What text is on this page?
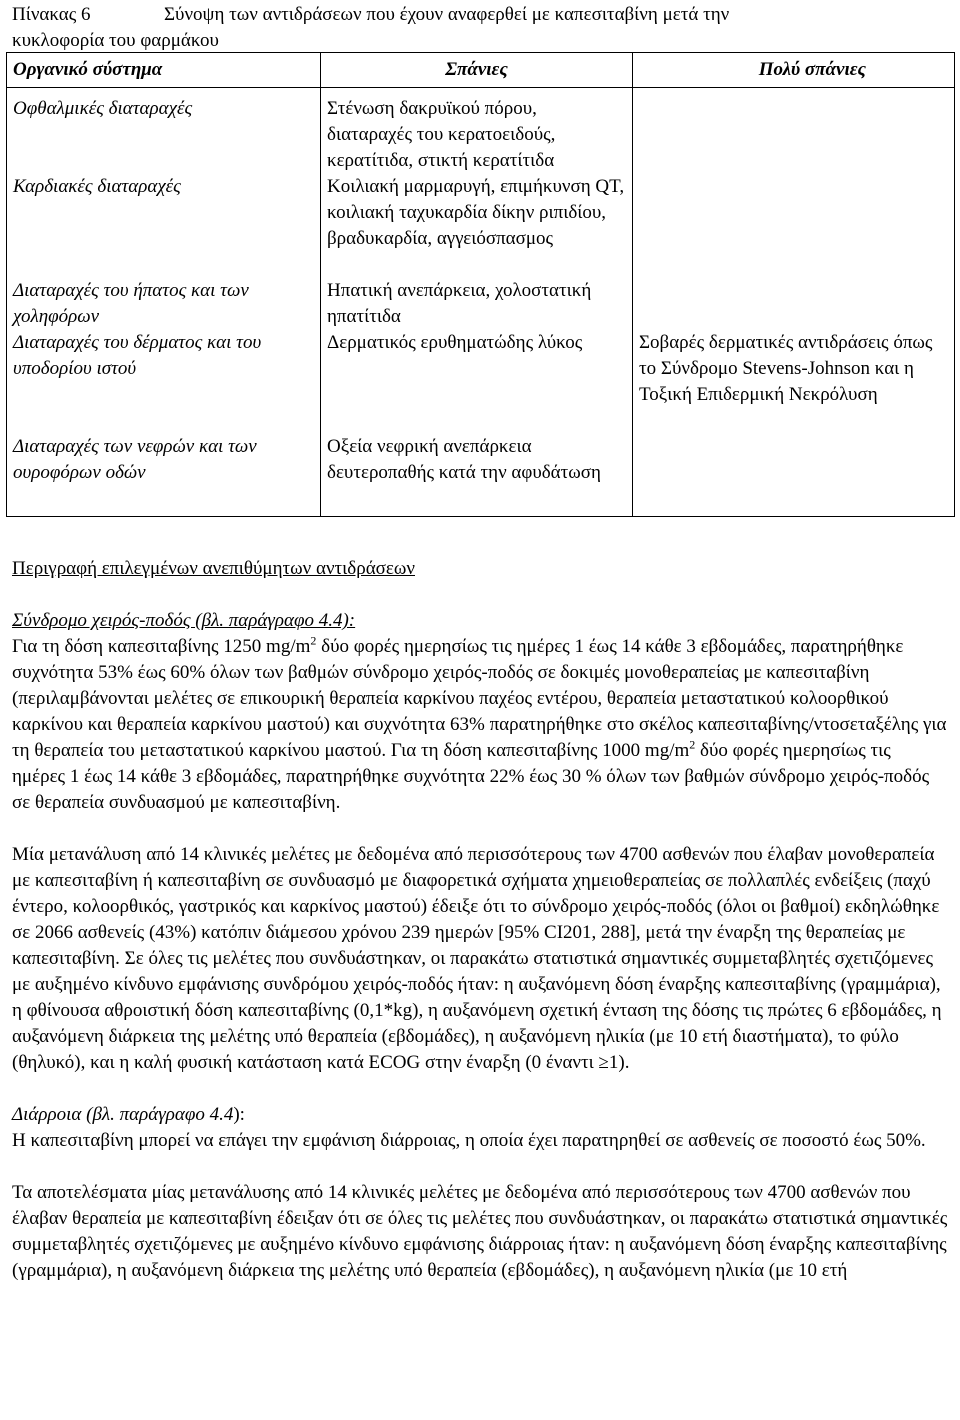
Πίνακας 6	Σύνοψη των αντιδράσεων που έχουν αναφερθεί με καπεσιταβίνη μετά την
κυκλοφορία του φαρμάκου
Οργανικό σύστημα	Σπάνιες	Πολύ σπάνιες
Οφθαλμικές διαταραχές	Στένωση δακρυϊκού πόρου, διαταραχές του κερατοειδούς, κερατίτιδα, στικτή κερατίτιδα	
Καρδιακές διαταραχές	Κοιλιακή μαρμαρυγή, επιμήκυνση QT, κοιλιακή ταχυκαρδία δίκην ριπιδίου, βραδυκαρδία, αγγειόσπασμος	
Διαταραχές του ήπατος και των χοληφόρων	Ηπατική ανεπάρκεια, χολοστατική ηπατίτιδα	
Διαταραχές του δέρματος και του υποδορίου ιστού	Δερματικός ερυθηματώδης λύκος	Σοβαρές δερματικές αντιδράσεις όπως το Σύνδρομο Stevens-Johnson και η Τοξική Επιδερμική Νεκρόλυση
Διαταραχές των νεφρών και των ουροφόρων οδών	Οξεία νεφρική ανεπάρκεια δευτεροπαθής κατά την αφυδάτωση	

Περιγραφή επιλεγμένων ανεπιθύμητων αντιδράσεων

Σύνδρομο χειρός-ποδός (βλ. παράγραφο 4.4):

Για τη δόση καπεσιταβίνης 1250 $mg/m^2$ δύο φορές ημερησίως τις ημέρες 1 έως 14 κάθε 3 εβδομάδες, παρατηρήθηκε συχνότητα 53% έως 60% όλων των βαθμών σύνδρομο χειρός-ποδός σε δοκιμές μονοθεραπείας με καπεσιταβίνη (περιλαμβάνονται μελέτες σε επικουρική θεραπεία καρκίνου παχέος εντέρου, θεραπεία μεταστατικού κολοορθικού καρκίνου και θεραπεία καρκίνου μαστού) και συχνότητα 63% παρατηρήθηκε στο σκέλος καπεσιταβίνης/ντοσεταξέλης για τη θεραπεία του μεταστατικού καρκίνου μαστού. Για τη δόση καπεσιταβίνης 1000 $mg/m^2$ δύο φορές ημερησίως τις ημέρες 1 έως 14 κάθε 3 εβδομάδες, παρατηρήθηκε συχνότητα 22% έως 30 % όλων των βαθμών σύνδρομο χειρός-ποδός σε θεραπεία συνδυασμού με καπεσιταβίνη.

Μία μετανάλυση από 14 κλινικές μελέτες με δεδομένα από περισσότερους των 4700 ασθενών που έλαβαν μονοθεραπεία με καπεσιταβίνη ή καπεσιταβίνη σε συνδυασμό με διαφορετικά σχήματα χημειοθεραπείας σε πολλαπλές ενδείξεις (παχύ έντερο, κολοορθικός, γαστρικός και καρκίνος μαστού) έδειξε ότι το σύνδρομο χειρός-ποδός (όλοι οι βαθμοί) εκδηλώθηκε σε 2066 ασθενείς (43%) κατόπιν διάμεσου χρόνου 239 ημερών [95% CI201, 288], μετά την έναρξη της θεραπείας με καπεσιταβίνη. Σε όλες τις μελέτες που συνδυάστηκαν, οι παρακάτω στατιστικά σημαντικές συμμεταβλητές σχετιζόμενες με αυξημένο κίνδυνο εμφάνισης συνδρόμου χειρός-ποδός ήταν: η αυξανόμενη δόση έναρξης καπεσιταβίνης (γραμμάρια), η φθίνουσα αθροιστική δόση καπεσιταβίνης (0,1*kg), η αυξανόμενη σχετική ένταση της δόσης τις πρώτες 6 εβδομάδες, η αυξανόμενη διάρκεια της μελέτης υπό θεραπεία (εβδομάδες), η αυξανόμενη ηλικία (με 10 ετή διαστήματα), το φύλο (θηλυκό), και η καλή φυσική κατάσταση κατά ECOG στην έναρξη (0 έναντι ≥1).

Διάρροια (βλ. παράγραφο 4.4):

Η καπεσιταβίνη μπορεί να επάγει την εμφάνιση διάρροιας, η οποία έχει παρατηρηθεί σε ασθενείς σε ποσοστό έως 50%.

Τα αποτελέσματα μίας μετανάλυσης από 14 κλινικές μελέτες με δεδομένα από περισσότερους των 4700 ασθενών που έλαβαν θεραπεία με καπεσιταβίνη έδειξαν ότι σε όλες τις μελέτες που συνδυάστηκαν, οι παρακάτω στατιστικά σημαντικές συμμεταβλητές σχετιζόμενες με αυξημένο κίνδυνο εμφάνισης διάρροιας ήταν: η αυξανόμενη δόση έναρξης καπεσιταβίνης (γραμμάρια), η αυξανόμενη διάρκεια της μελέτης υπό θεραπεία (εβδομάδες), η αυξανόμενη ηλικία (με 10 ετή
